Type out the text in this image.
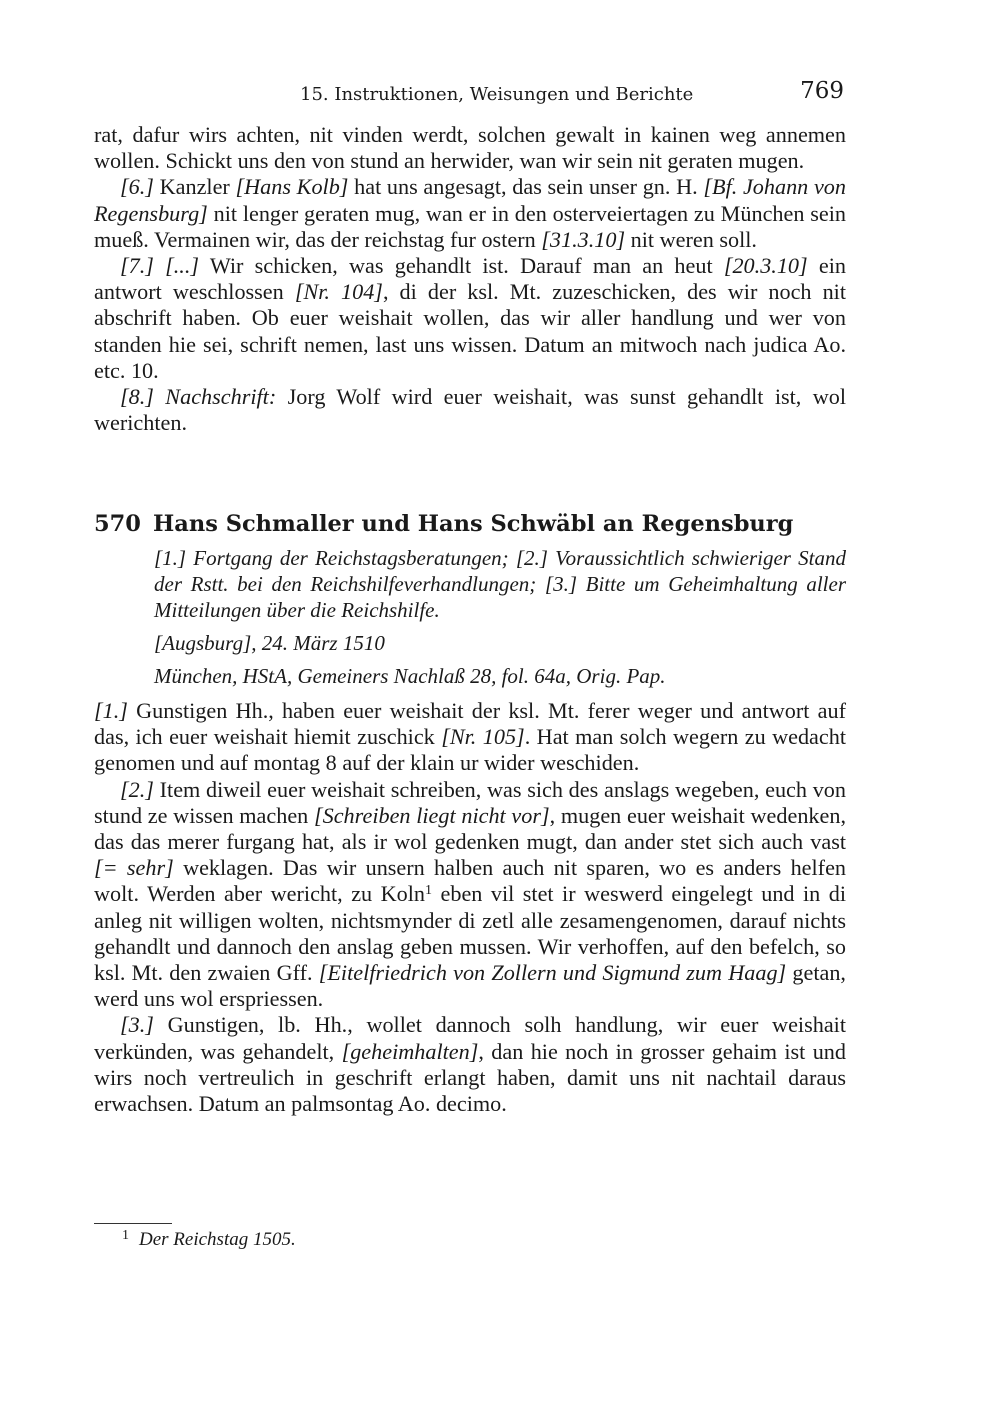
15. Instruktionen, Weisungen und Berichte	769

rat, dafur wirs achten, nit vinden werdt, solchen gewalt in kainen weg annemen wollen. Schickt uns den von stund an herwider, wan wir sein nit geraten mugen.

[6.] Kanzler [Hans Kolb] hat uns angesagt, das sein unser gn. H. [Bf. Johann von Regensburg] nit lenger geraten mug, wan er in den osterveiertagen zu München sein mueß. Vermainen wir, das der reichstag fur ostern [31.3.10] nit weren soll.

[7.] [...] Wir schicken, was gehandlt ist. Darauf man an heut [20.3.10] ein antwort weschlossen [Nr. 104], di der ksl. Mt. zuzeschicken, des wir noch nit abschrift haben. Ob euer weishait wollen, das wir aller handlung und wer von standen hie sei, schrift nemen, last uns wissen. Datum an mitwoch nach judica Ao. etc. 10.

[8.] Nachschrift: Jorg Wolf wird euer weishait, was sunst gehandlt ist, wol werichten.

570 Hans Schmaller und Hans Schwäbl an Regensburg
[1.] Fortgang der Reichstagsberatungen; [2.] Voraussichtlich schwieriger Stand der Rstt. bei den Reichshilfeverhandlungen; [3.] Bitte um Geheimhaltung aller Mitteilungen über die Reichshilfe.
[Augsburg], 24. März 1510
München, HStA, Gemeiners Nachlaß 28, fol. 64a, Orig. Pap.

[1.] Gunstigen Hh., haben euer weishait der ksl. Mt. ferer weger und antwort auf das, ich euer weishait hiemit zuschick [Nr. 105]. Hat man solch wegern zu wedacht genomen und auf montag 8 auf der klain ur wider weschiden.

[2.] Item diweil euer weishait schreiben, was sich des anslags wegeben, euch von stund ze wissen machen [Schreiben liegt nicht vor], mugen euer weishait wedenken, das das merer furgang hat, als ir wol gedenken mugt, dan ander stet sich auch vast [= sehr] weklagen. Das wir unsern halben auch nit sparen, wo es anders helfen wolt. Werden aber wericht, zu Koln$^1$ eben vil stet ir weswerd eingelegt und in di anleg nit willigen wolten, nichtsmynder di zetl alle zesamengenomen, darauf nichts gehandlt und dannoch den anslag geben mussen. Wir verhoffen, auf den befelch, so ksl. Mt. den zwaien Gff. [Eitelfriedrich von Zollern und Sigmund zum Haag] getan, werd uns wol erspriessen.

[3.] Gunstigen, lb. Hh., wollet dannoch solh handlung, wir euer weishait verkünden, was gehandelt, [geheimhalten], dan hie noch in grosser gehaim ist und wirs noch vertreulich in geschrift erlangt haben, damit uns nit nachtail daraus erwachsen. Datum an palmsontag Ao. decimo.

$^1$ Der Reichstag 1505.
